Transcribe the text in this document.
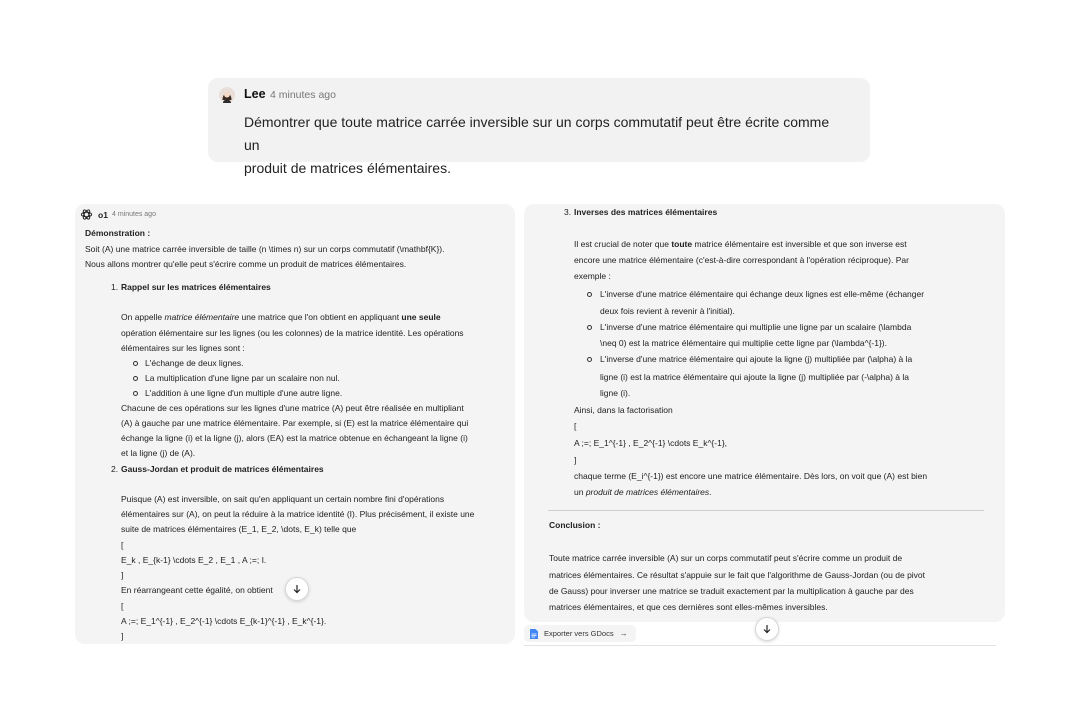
Lee 4 minutes ago
Démontrer que toute matrice carrée inversible sur un corps commutatif peut être écrite comme un
produit de matrices élémentaires.
o1 4 minutes ago
Démonstration :
Soit (A) une matrice carrée inversible de taille (n \times n) sur un corps commutatif (\mathbf{K}).
Nous allons montrer qu'elle peut s'écrire comme un produit de matrices élémentaires.
1. Rappel sur les matrices élémentaires
On appelle matrice élémentaire une matrice que l'on obtient en appliquant une seule
opération élémentaire sur les lignes (ou les colonnes) de la matrice identité. Les opérations
élémentaires sur les lignes sont :
L'échange de deux lignes.
La multiplication d'une ligne par un scalaire non nul.
L'addition à une ligne d'un multiple d'une autre ligne.
Chacune de ces opérations sur les lignes d'une matrice (A) peut être réalisée en multipliant
(A) à gauche par une matrice élémentaire. Par exemple, si (E) est la matrice élémentaire qui
échange la ligne (i) et la ligne (j), alors (EA) est la matrice obtenue en échangeant la ligne (i)
et la ligne (j) de (A).
2. Gauss-Jordan et produit de matrices élémentaires
Puisque (A) est inversible, on sait qu'en appliquant un certain nombre fini d'opérations
élémentaires sur (A), on peut la réduire à la matrice identité (I). Plus précisément, il existe une
suite de matrices élémentaires (E_1, E_2, \dots, E_k) telle que
[
E_k , E_{k-1} \cdots E_2 , E_1 , A ;=; I.
]
En réarrangeant cette égalité, on obtient
[
A ;=; E_1^{-1} , E_2^{-1} \cdots E_{k-1}^{-1} , E_k^{-1}.
]
3. Inverses des matrices élémentaires
Il est crucial de noter que toute matrice élémentaire est inversible et que son inverse est
encore une matrice élémentaire (c'est-à-dire correspondant à l'opération réciproque). Par
exemple :
L'inverse d'une matrice élémentaire qui échange deux lignes est elle-même (échanger
deux fois revient à revenir à l'initial).
L'inverse d'une matrice élémentaire qui multiplie une ligne par un scalaire (\lambda
\neq 0) est la matrice élémentaire qui multiplie cette ligne par (\lambda^{-1}).
L'inverse d'une matrice élémentaire qui ajoute la ligne (j) multipliée par (\alpha) à la
ligne (i) est la matrice élémentaire qui ajoute la ligne (j) multipliée par (-\alpha) à la
ligne (i).
Ainsi, dans la factorisation
[
A ;=; E_1^{-1} , E_2^{-1} \cdots E_k^{-1},
]
chaque terme (E_i^{-1}) est encore une matrice élémentaire. Dès lors, on voit que (A) est bien
un produit de matrices élémentaires.
Conclusion :
Toute matrice carrée inversible (A) sur un corps commutatif peut s'écrire comme un produit de
matrices élémentaires. Ce résultat s'appuie sur le fait que l'algorithme de Gauss-Jordan (ou de pivot
de Gauss) pour inverser une matrice se traduit exactement par la multiplication à gauche par des
matrices élémentaires, et que ces dernières sont elles-mêmes inversibles.
Exporter vers GDocs →
